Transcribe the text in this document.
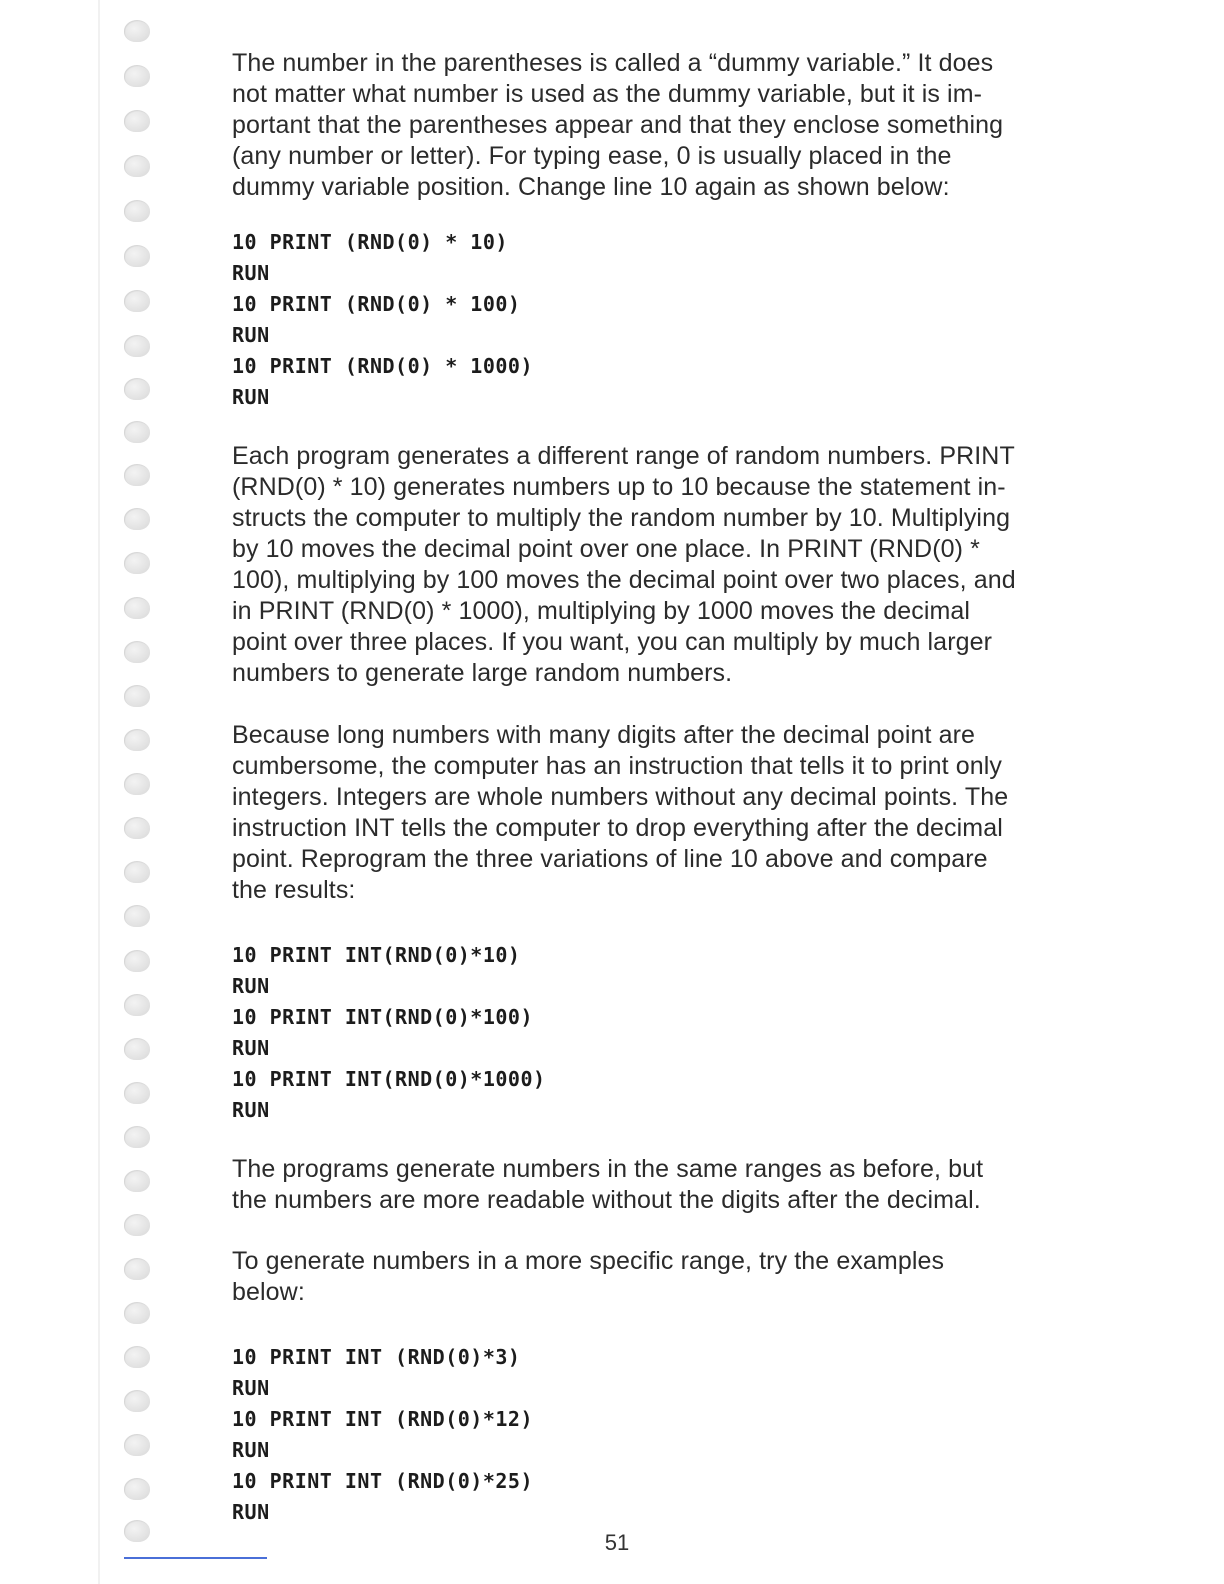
The number in the parentheses is called a “dummy variable.” It does
not matter what number is used as the dummy variable, but it is im-
portant that the parentheses appear and that they enclose something
(any number or letter). For typing ease, 0 is usually placed in the
dummy variable position. Change line 10 again as shown below:

10 PRINT (RND(0) * 10)
RUN
10 PRINT (RND(0) * 100)
RUN
10 PRINT (RND(0) * 1000)
RUN

Each program generates a different range of random numbers. PRINT
(RND(0) * 10) generates numbers up to 10 because the statement in-
structs the computer to multiply the random number by 10. Multiplying
by 10 moves the decimal point over one place. In PRINT (RND(0) *
100), multiplying by 100 moves the decimal point over two places, and
in PRINT (RND(0) * 1000), multiplying by 1000 moves the decimal
point over three places. If you want, you can multiply by much larger
numbers to generate large random numbers.

Because long numbers with many digits after the decimal point are
cumbersome, the computer has an instruction that tells it to print only
integers. Integers are whole numbers without any decimal points. The
instruction INT tells the computer to drop everything after the decimal
point. Reprogram the three variations of line 10 above and compare
the results:

10 PRINT INT(RND(0)*10)
RUN
10 PRINT INT(RND(0)*100)
RUN
10 PRINT INT(RND(0)*1000)
RUN

The programs generate numbers in the same ranges as before, but
the numbers are more readable without the digits after the decimal.

To generate numbers in a more specific range, try the examples
below:

10 PRINT INT (RND(0)*3)
RUN
10 PRINT INT (RND(0)*12)
RUN
10 PRINT INT (RND(0)*25)
RUN
51
